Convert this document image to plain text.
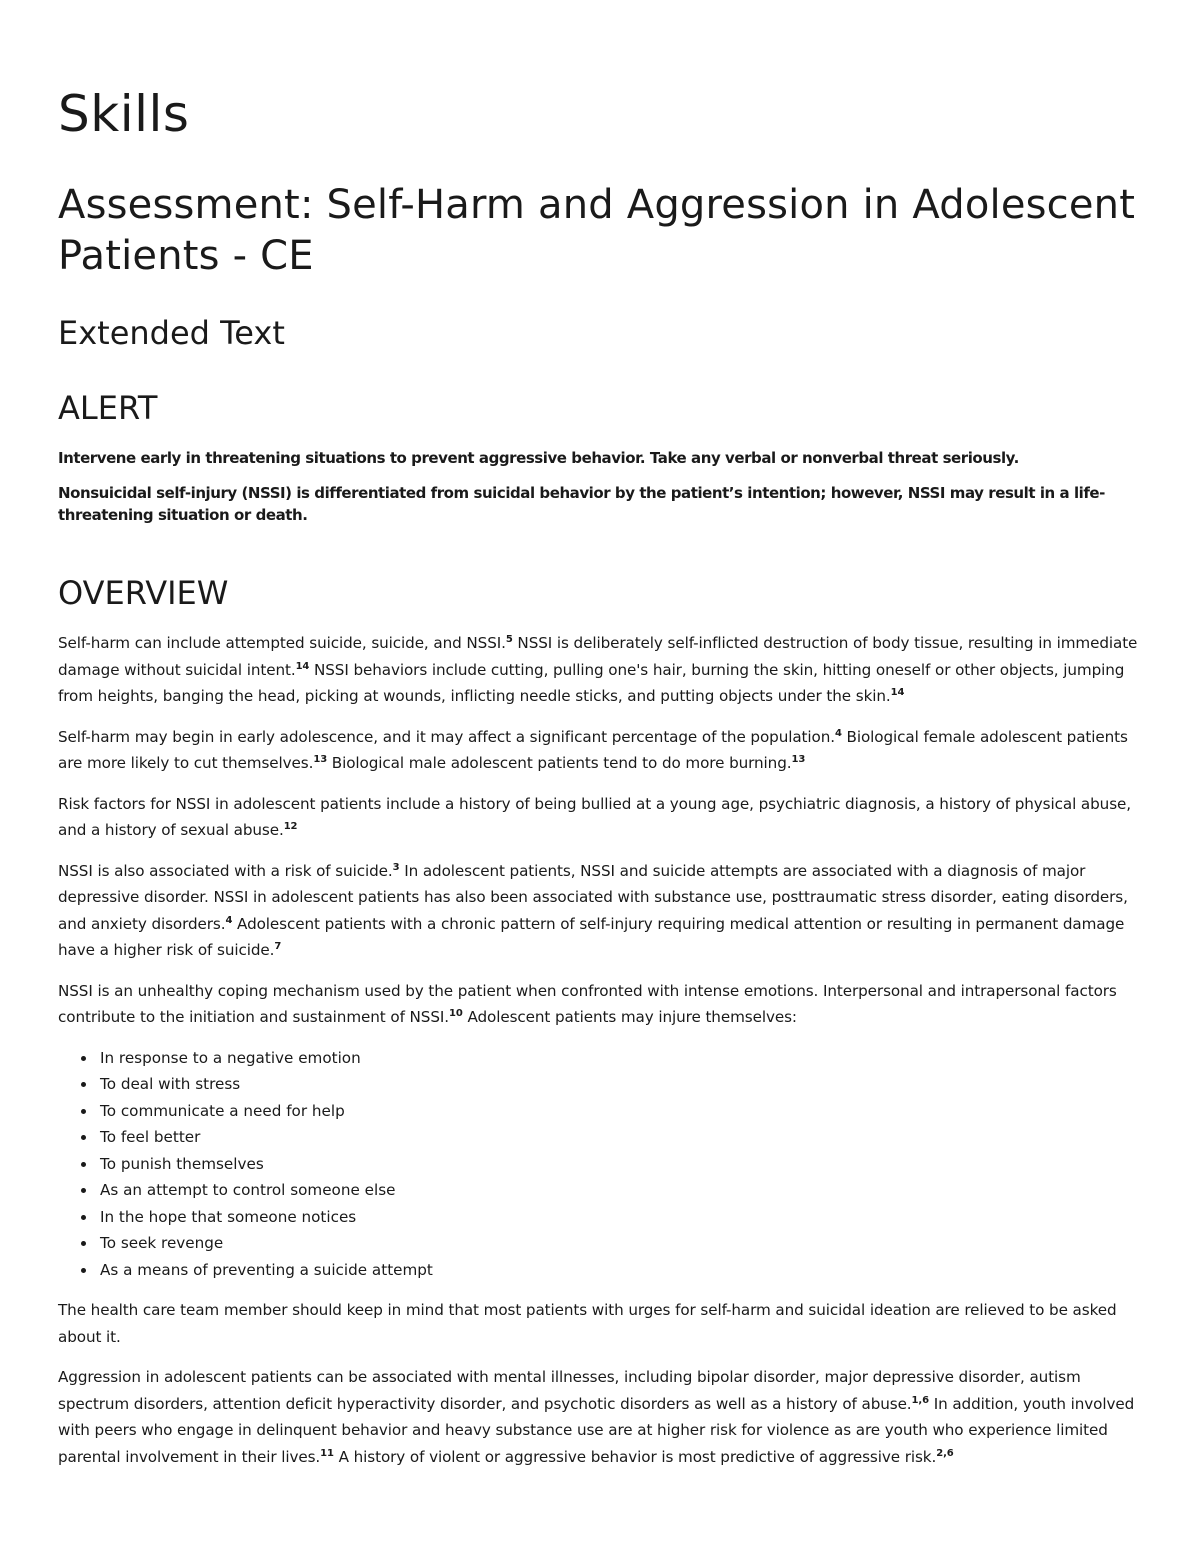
Skills
Assessment: Self-Harm and Aggression in Adolescent Patients - CE
Extended Text
ALERT

Intervene early in threatening situations to prevent aggressive behavior. Take any verbal or nonverbal threat seriously.

Nonsuicidal self-injury (NSSI) is differentiated from suicidal behavior by the patient’s intention; however, NSSI may result in a life-threatening situation or death.

OVERVIEW

Self-harm can include attempted suicide, suicide, and NSSI.$^5$ NSSI is deliberately self-inflicted destruction of body tissue, resulting in immediate damage without suicidal intent.$^{14}$ NSSI behaviors include cutting, pulling one's hair, burning the skin, hitting oneself or other objects, jumping from heights, banging the head, picking at wounds, inflicting needle sticks, and putting objects under the skin.$^{14}$

Self-harm may begin in early adolescence, and it may affect a significant percentage of the population.$^4$ Biological female adolescent patients are more likely to cut themselves.$^{13}$ Biological male adolescent patients tend to do more burning.$^{13}$

Risk factors for NSSI in adolescent patients include a history of being bullied at a young age, psychiatric diagnosis, a history of physical abuse, and a history of sexual abuse.$^{12}$

NSSI is also associated with a risk of suicide.$^3$ In adolescent patients, NSSI and suicide attempts are associated with a diagnosis of major depressive disorder. NSSI in adolescent patients has also been associated with substance use, posttraumatic stress disorder, eating disorders, and anxiety disorders.$^4$ Adolescent patients with a chronic pattern of self-injury requiring medical attention or resulting in permanent damage have a higher risk of suicide.$^7$

NSSI is an unhealthy coping mechanism used by the patient when confronted with intense emotions. Interpersonal and intrapersonal factors contribute to the initiation and sustainment of NSSI.$^{10}$ Adolescent patients may injure themselves:

In response to a negative emotion
To deal with stress
To communicate a need for help
To feel better
To punish themselves
As an attempt to control someone else
In the hope that someone notices
To seek revenge
As a means of preventing a suicide attempt

The health care team member should keep in mind that most patients with urges for self-harm and suicidal ideation are relieved to be asked about it.

Aggression in adolescent patients can be associated with mental illnesses, including bipolar disorder, major depressive disorder, autism spectrum disorders, attention deficit hyperactivity disorder, and psychotic disorders as well as a history of abuse.$^{1,6}$ In addition, youth involved with peers who engage in delinquent behavior and heavy substance use are at higher risk for violence as are youth who experience limited parental involvement in their lives.$^{11}$ A history of violent or aggressive behavior is most predictive of aggressive risk.$^{2,6}$
